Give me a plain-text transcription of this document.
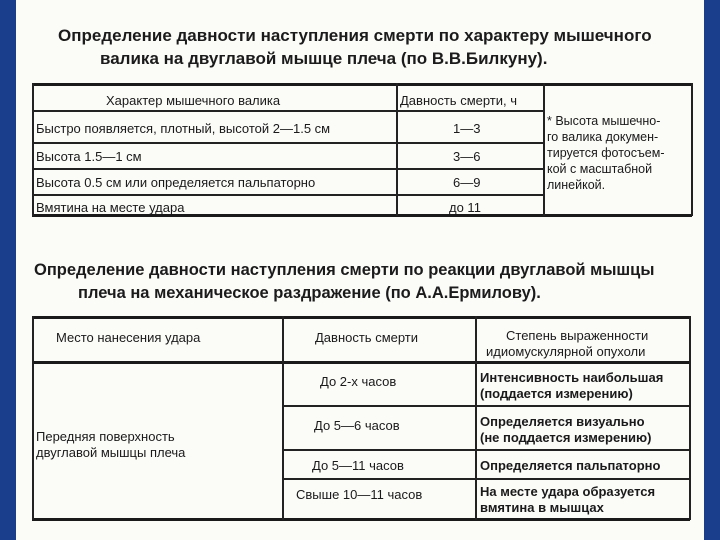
Определение давности наступления смерти по характеру мышечного
валика на двуглавой мышце плеча (по В.В.Билкуну).
Характер мышечного валика	Давность смерти, ч
Быстро появляется, плотный, высотой 2—1.5 см	1—3
Высота 1.5—1 см	3—6
Высота 0.5 см или определяется пальпаторно	6—9
Вмятина на месте удара	до 11
* Высота мышечно-
го валика докумен-
тируется фотосъем-
кой с масштабной
линейкой.
Определение давности наступления смерти по реакции двуглавой мышцы
плеча на механическое раздражение (по А.А.Ермилову).
Место нанесения удара	Давность смерти	Степень выраженности
идиомускулярной опухоли
Передняя поверхность
двуглавой мышцы плеча
До 2-х часов	Интенсивность наибольшая
(поддается измерению)
До 5—6 часов	Определяется визуально
(не поддается измерению)
До 5—11 часов	Определяется пальпаторно
Свыше 10—11 часов	На месте удара образуется
вмятина в мышцах
